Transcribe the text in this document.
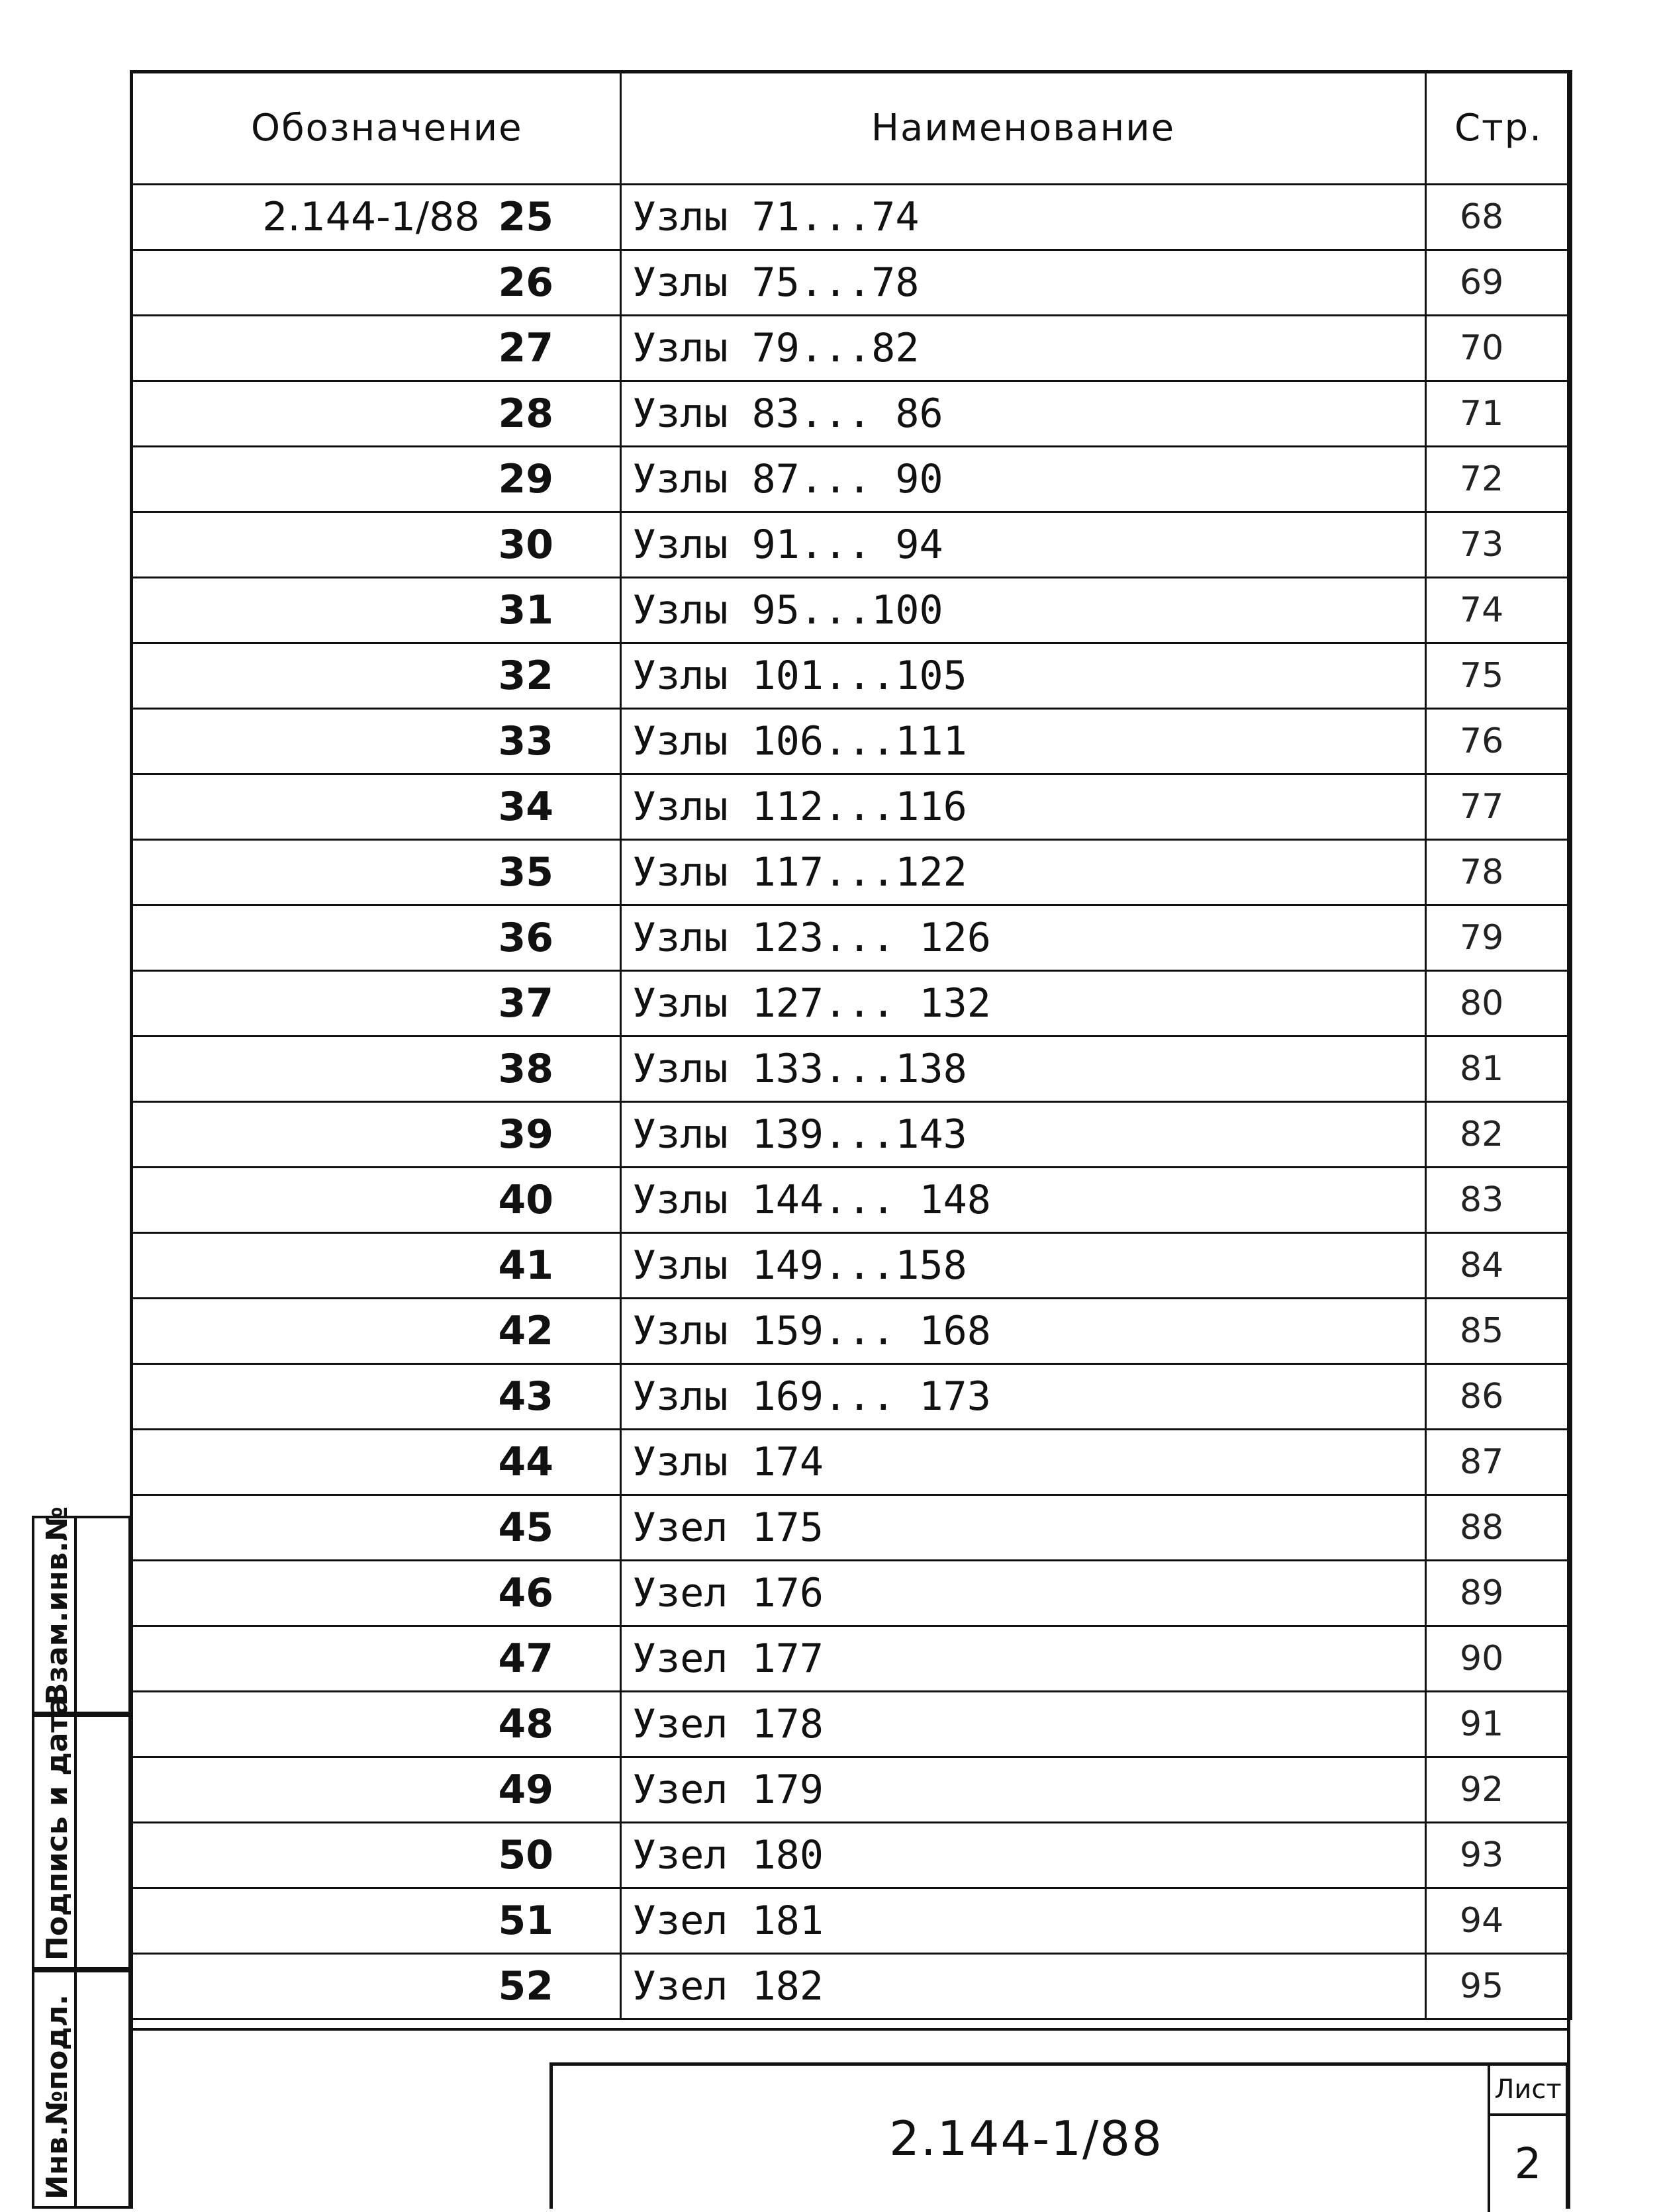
Обозначение	Наименование	Стр.
2.144-1/88 25	Узлы 71...74	68
26	Узлы 75...78	69
27	Узлы 79...82	70
28	Узлы 83... 86	71
29	Узлы 87... 90	72
30	Узлы 91... 94	73
31	Узлы 95...100	74
32	Узлы 101...105	75
33	Узлы 106...111	76
34	Узлы 112...116	77
35	Узлы 117...122	78
36	Узлы 123... 126	79
37	Узлы 127... 132	80
38	Узлы 133...138	81
39	Узлы 139...143	82
40	Узлы 144... 148	83
41	Узлы 149...158	84
42	Узлы 159... 168	85
43	Узлы 169... 173	86
44	Узлы 174	87
45	Узел 175	88
46	Узел 176	89
47	Узел 177	90
48	Узел 178	91
49	Узел 179	92
50	Узел 180	93
51	Узел 181	94
52	Узел 182	95
Взам.инв.№
Подпись и дата
Инв.№подл.	2.144-1/88
Лист
2
